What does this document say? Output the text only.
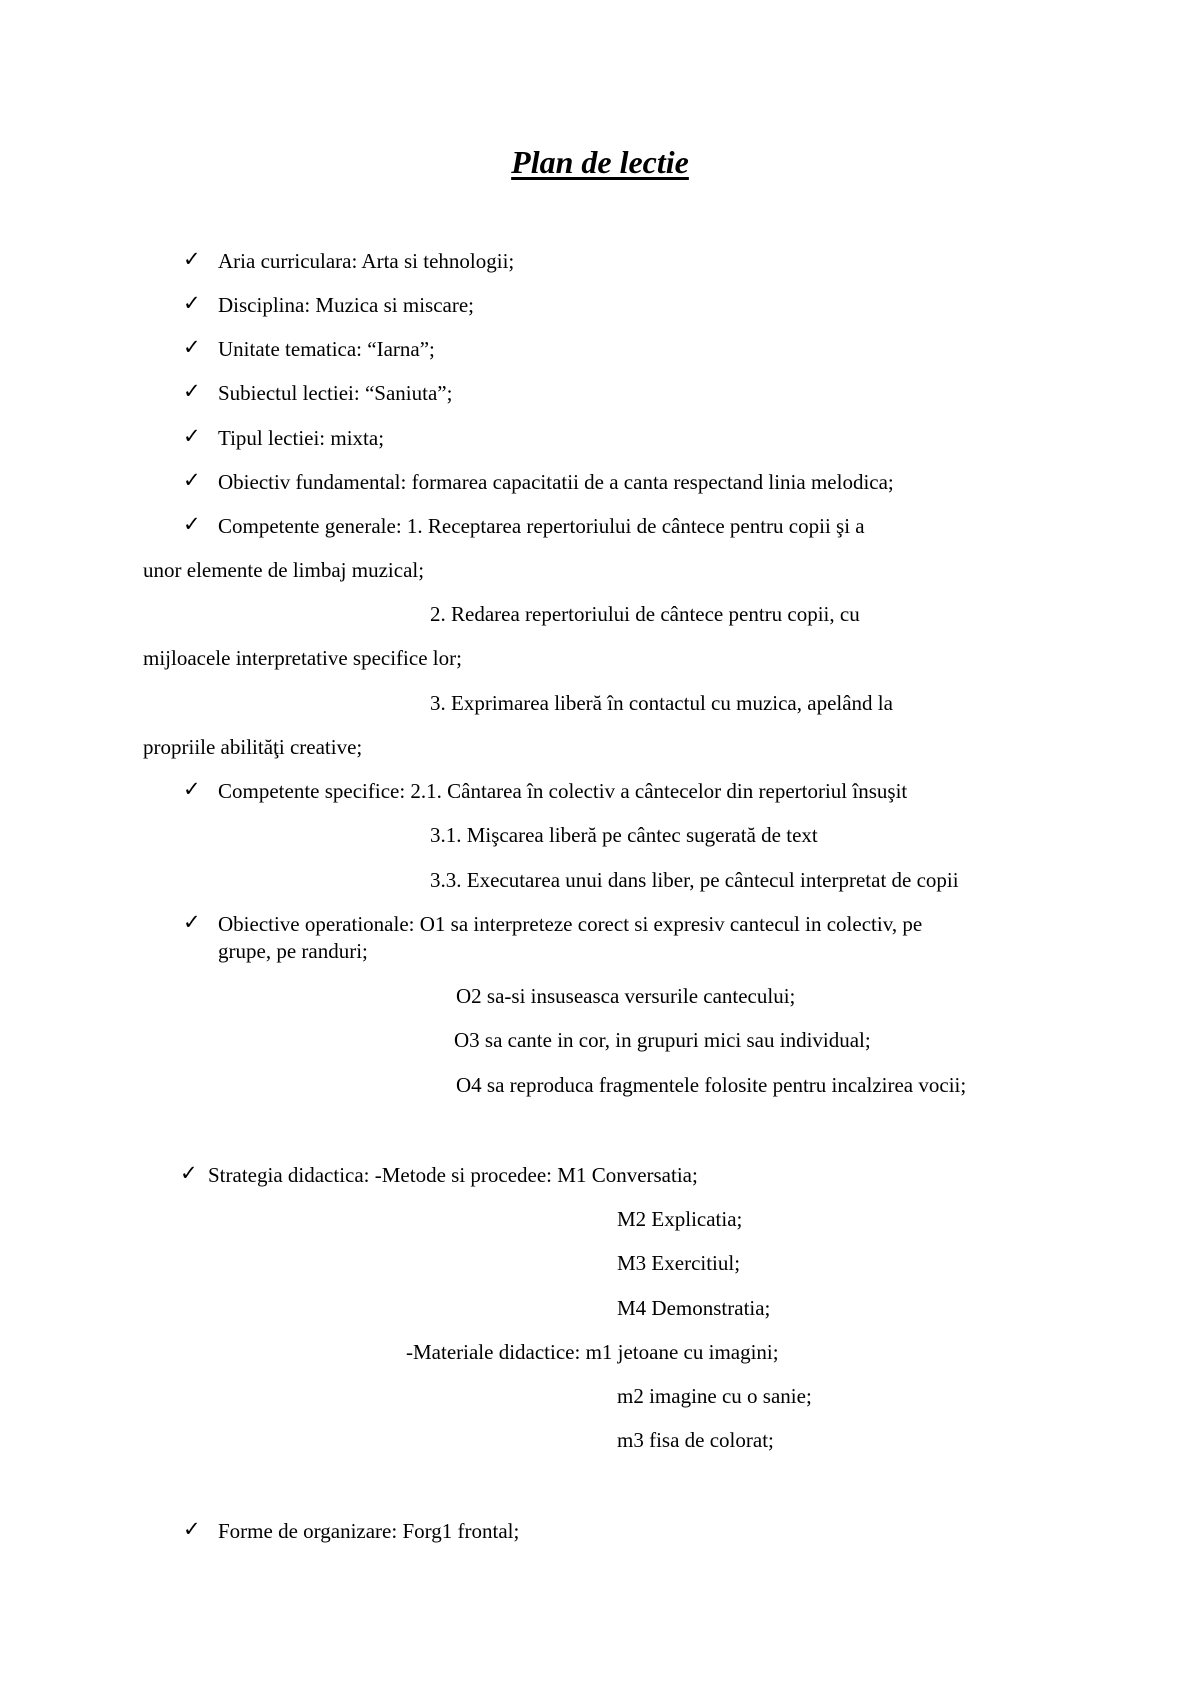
Plan de lectie
✓ Aria curriculara: Arta si tehnologii;
✓ Disciplina: Muzica si miscare;
✓ Unitate tematica: “Iarna”;
✓ Subiectul lectiei: “Saniuta”;
✓ Tipul lectiei: mixta;
✓ Obiectiv fundamental: formarea capacitatii de a canta respectand linia melodica;
✓ Competente generale: 1. Receptarea repertoriului de cântece pentru copii şi a
unor elemente de limbaj muzical;
2. Redarea repertoriului de cântece pentru copii, cu
mijloacele interpretative specifice lor;
3. Exprimarea liberă în contactul cu muzica, apelând la
propriile abilităţi creative;
✓ Competente specifice: 2.1. Cântarea în colectiv a cântecelor din repertoriul însuşit
3.1. Mişcarea liberă pe cântec sugerată de text
3.3. Executarea unui dans liber, pe cântecul interpretat de copii
✓ Obiective operationale: O1 sa interpreteze corect si expresiv cantecul in colectiv, pe
grupe, pe randuri;
O2 sa-si insuseasca versurile cantecului;
O3 sa cante in cor, in grupuri mici sau individual;
O4 sa reproduca fragmentele folosite pentru incalzirea vocii;
✓ Strategia didactica: -Metode si procedee: M1 Conversatia;
M2 Explicatia;
M3 Exercitiul;
M4 Demonstratia;
-Materiale didactice: m1 jetoane cu imagini;
m2 imagine cu o sanie;
m3 fisa de colorat;
✓ Forme de organizare: Forg1 frontal;
